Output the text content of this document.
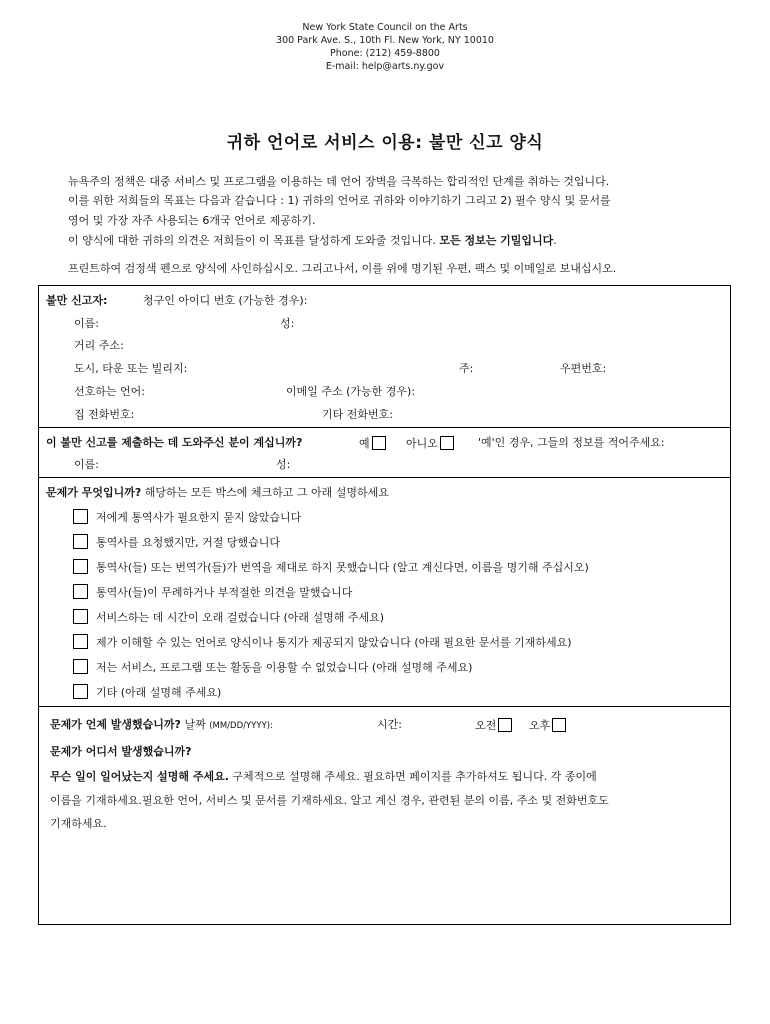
New York State Council on the Arts
300 Park Ave. S., 10th Fl. New York, NY 10010
Phone: (212) 459-8800
E-mail: help@arts.ny.gov
귀하 언어로 서비스 이용: 불만 신고 양식
뉴욕주의 정책은 대중 서비스 및 프로그램을 이용하는 데 언어 장벽을 극복하는 합리적인 단계를 취하는 것입니다.
이를 위한 저희들의 목표는 다음과 같습니다 : 1) 귀하의 언어로 귀하와 이야기하기 그리고 2) 필수 양식 및 문서를
영어 및 가장 자주 사용되는 6개국 언어로 제공하기.
이 양식에 대한 귀하의 의견은 저희들이 이 목표를 달성하게 도와줄 것입니다. 모든 정보는 기밀입니다.
프린트하여 검정색 펜으로 양식에 사인하십시오. 그리고나서, 이를 위에 명기된 우편, 팩스 및 이메일로 보내십시오.
불만 신고자:	청구인 아이디 번호 (가능한 경우):
이름:	성:
거리 주소:
도시, 타운 또는 빌리지:	주:	우편번호:
선호하는 언어:	이메일 주소 (가능한 경우):
집 전화번호:	기타 전화번호:
이 불만 신고를 제출하는 데 도와주신 분이 계십니까?	예	아니오	'예'인 경우, 그들의 정보를 적어주세요:
이름:	성:
문제가 무엇입니까? 해당하는 모든 박스에 체크하고 그 아래 설명하세요
저에게 통역사가 필요한지 묻지 않았습니다
통역사를 요청했지만, 거절 당했습니다
통역사(들) 또는 번역가(들)가 번역을 제대로 하지 못했습니다 (알고 계신다면, 이름을 명기해 주십시오)
통역사(들)이 무례하거나 부적절한 의견을 말했습니다
서비스하는 데 시간이 오래 걸렸습니다 (아래 설명해 주세요)
제가 이해할 수 있는 언어로 양식이나 통지가 제공되지 않았습니다 (아래 필요한 문서를 기재하세요)
저는 서비스, 프로그램 또는 활동을 이용할 수 없었습니다 (아래 설명해 주세요)
기타 (아래 설명해 주세요)
문제가 언제 발생했습니까? 날짜 (MM/DD/YYYY):	시간:	오전	오후
문제가 어디서 발생했습니까?
무슨 일이 일어났는지 설명해 주세요. 구체적으로 설명해 주세요. 필요하면 페이지를 추가하셔도 됩니다. 각 종이에
이름을 기재하세요.필요한 언어, 서비스 및 문서를 기재하세요. 알고 계신 경우, 관련된 분의 이름, 주소 및 전화번호도
기재하세요.
